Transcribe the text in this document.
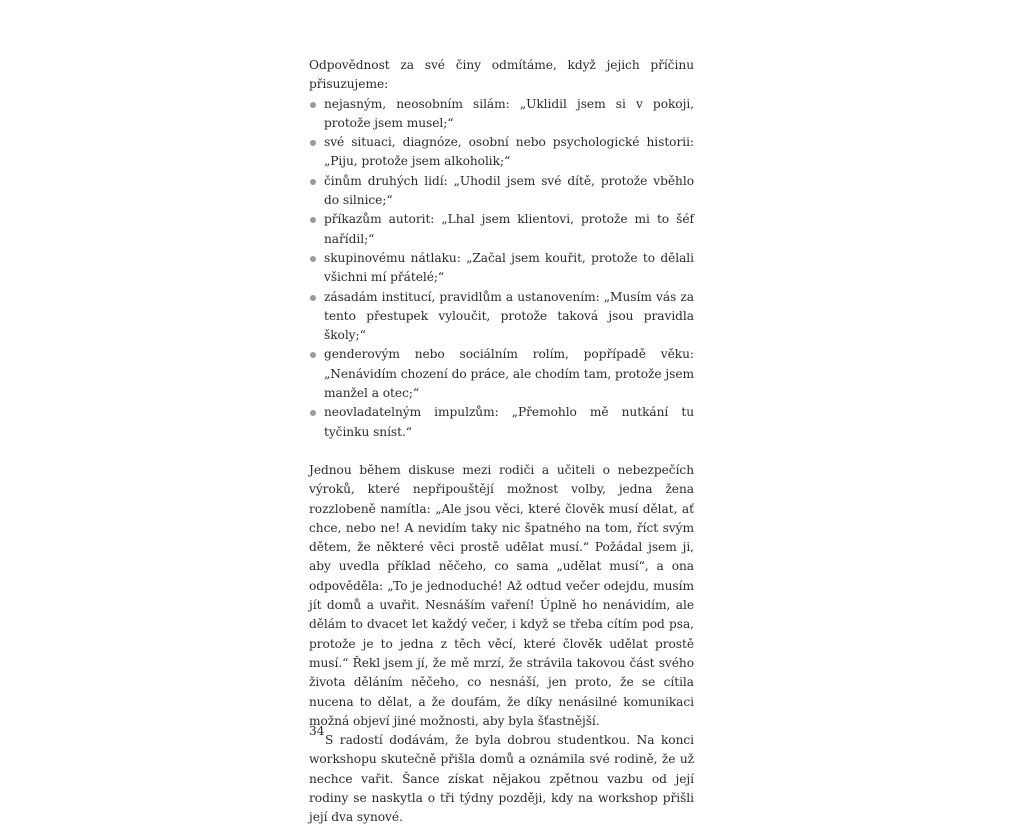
Odpovědnost za své činy odmítáme, když jejich příčinu přisuzujeme:

nejasným, neosobním silám: „Uklidil jsem si v pokoji, protože jsem musel;“
své situaci, diagnóze, osobní nebo psychologické historii: „Piju, protože jsem alkoholik;“
činům druhých lidí: „Uhodil jsem své dítě, protože vběhlo do silnice;“
příkazům autorit: „Lhal jsem klientovi, protože mi to šéf nařídil;“
skupinovému nátlaku: „Začal jsem kouřit, protože to dělali všichni mí přátelé;“
zásadám institucí, pravidlům a ustanovením: „Musím vás za tento přestupek vyloučit, protože taková jsou pravidla školy;“
genderovým nebo sociálním rolím, popřípadě věku: „Nenávidím chození do práce, ale chodím tam, protože jsem manžel a otec;“
neovladatelným impulzům: „Přemohlo mě nutkání tu tyčinku sníst.“

Jednou během diskuse mezi rodiči a učiteli o nebezpečích výroků, které nepřipouštějí možnost volby, jedna žena rozzlobeně namítla: „Ale jsou věci, které člověk musí dělat, ať chce, nebo ne! A nevidím taky nic špatného na tom, říct svým dětem, že některé věci prostě udělat musí.“ Požádal jsem ji, aby uvedla příklad něčeho, co sama „udělat musí“, a ona odpověděla: „To je jednoduché! Až odtud večer odejdu, musím jít domů a uvařit. Nesnáším vaření! Úplně ho nenávidím, ale dělám to dvacet let každý večer, i když se třeba cítím pod psa, protože je to jedna z těch věcí, které člověk udělat prostě musí.“ Řekl jsem jí, že mě mrzí, že strávila takovou část svého života děláním něčeho, co nesnáší, jen proto, že se cítila nucena to dělat, a že doufám, že díky nenásilné komunikaci možná objeví jiné možnosti, aby byla šťastnější.

S radostí dodávám, že byla dobrou studentkou. Na konci workshopu skutečně přišla domů a oznámila své rodině, že už nechce vařit. Šance získat nějakou zpětnou vazbu od její rodiny se naskytla o tři týdny později, kdy na workshop přišli její dva synové.

34
